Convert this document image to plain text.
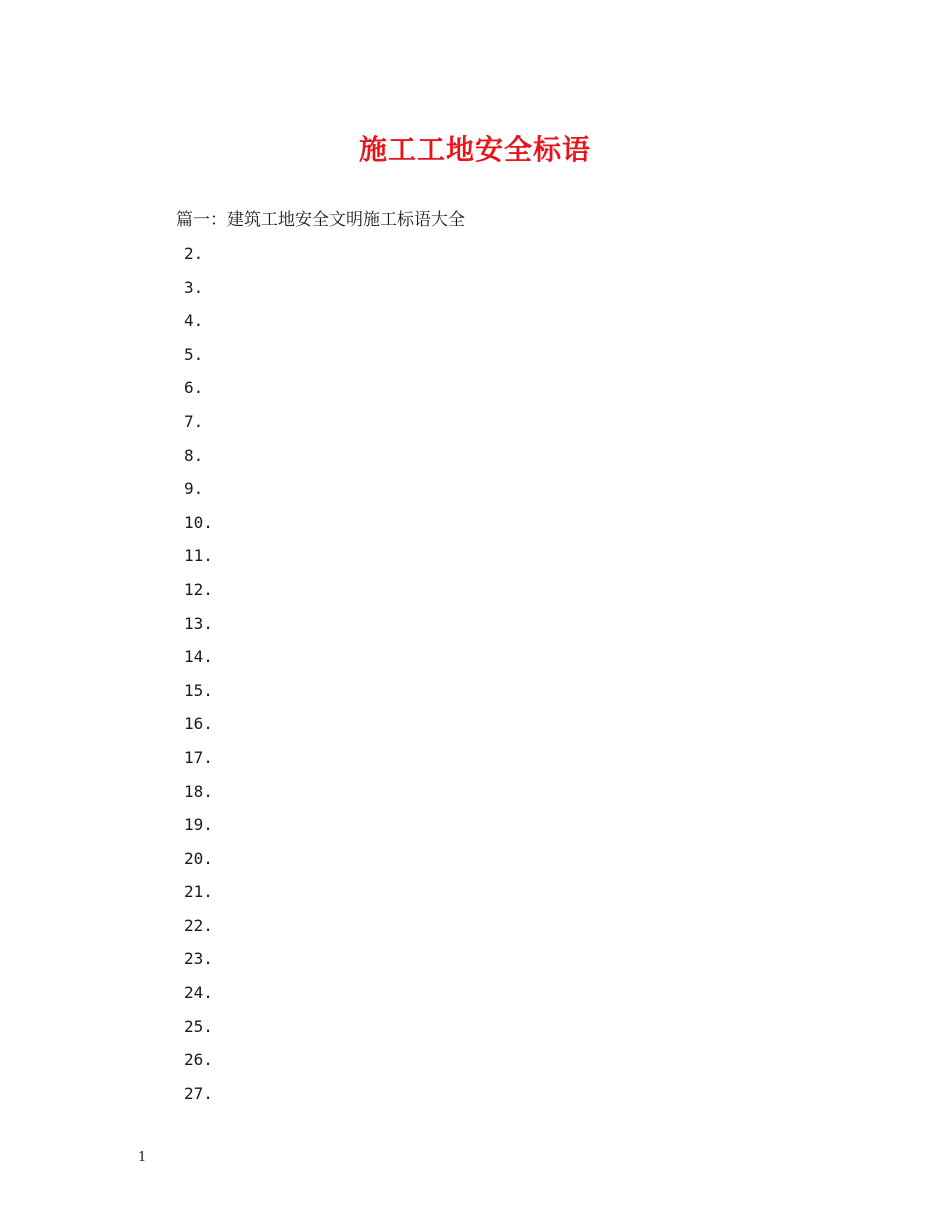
施工工地安全标语
篇一：建筑工地安全文明施工标语大全
2.
3.
4.
5.
6.
7.
8.
9.
10.
11.
12.
13.
14.
15.
16.
17.
18.
19.
20.
21.
22.
23.
24.
25.
26.
27.
1
